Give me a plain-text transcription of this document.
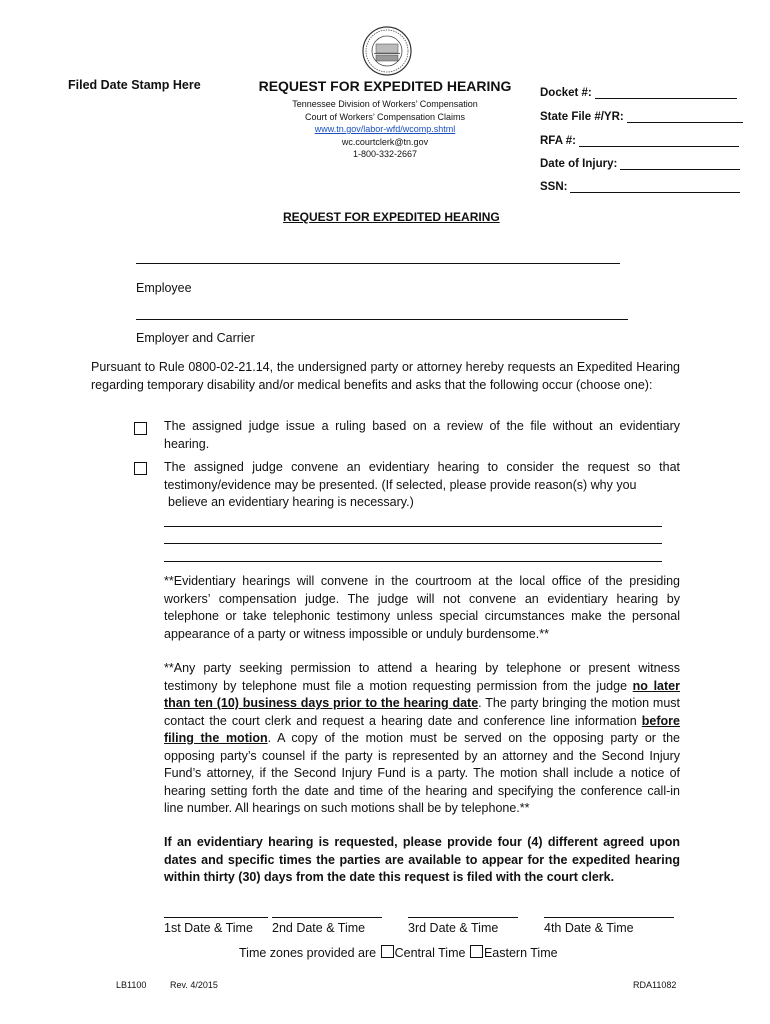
Filed Date Stamp Here	REQUEST FOR EXPEDITED HEARING
Tennessee Division of Workers’ Compensation
Court of Workers’ Compensation Claims
www.tn.gov/labor-wfd/wcomp.shtml
wc.courtclerk@tn.gov
1-800-332-2667
Docket #:
State File #/YR:
RFA #:
Date of Injury:
SSN:
REQUEST FOR EXPEDITED HEARING
Employee
Employer and Carrier
Pursuant to Rule 0800-02-21.14, the undersigned party or attorney hereby requests an Expedited Hearing regarding temporary disability and/or medical benefits and asks that the following occur (choose one):
The assigned judge issue a ruling based on a review of the file without an evidentiary hearing.
The assigned judge convene an evidentiary hearing to consider the request so that testimony/evidence may be presented. (If selected, please provide reason(s) why you
believe an evidentiary hearing is necessary.)
**Evidentiary hearings will convene in the courtroom at the local office of the presiding workers’ compensation judge. The judge will not convene an evidentiary hearing by telephone or take telephonic testimony unless special circumstances make the personal appearance of a party or witness impossible or unduly burdensome.**
**Any party seeking permission to attend a hearing by telephone or present witness testimony by telephone must file a motion requesting permission from the judge no later than ten (10) business days prior to the hearing date. The party bringing the motion must contact the court clerk and request a hearing date and conference line information before filing the motion. A copy of the motion must be served on the opposing party or the opposing party’s counsel if the party is represented by an attorney and the Second Injury Fund’s attorney, if the Second Injury Fund is a party. The motion shall include a notice of hearing setting forth the date and time of the hearing and specifying the conference call-in line number. All hearings on such motions shall be by telephone.**
If an evidentiary hearing is requested, please provide four (4) different agreed upon dates and specific times the parties are available to appear for the expedited hearing within thirty (30) days from the date this request is filed with the court clerk.
1st Date & Time 2nd Date & Time	3rd Date & Time	4th Date & Time
Time zones provided are Central Time Eastern Time
LB1100	Rev. 4/2015	RDA11082
